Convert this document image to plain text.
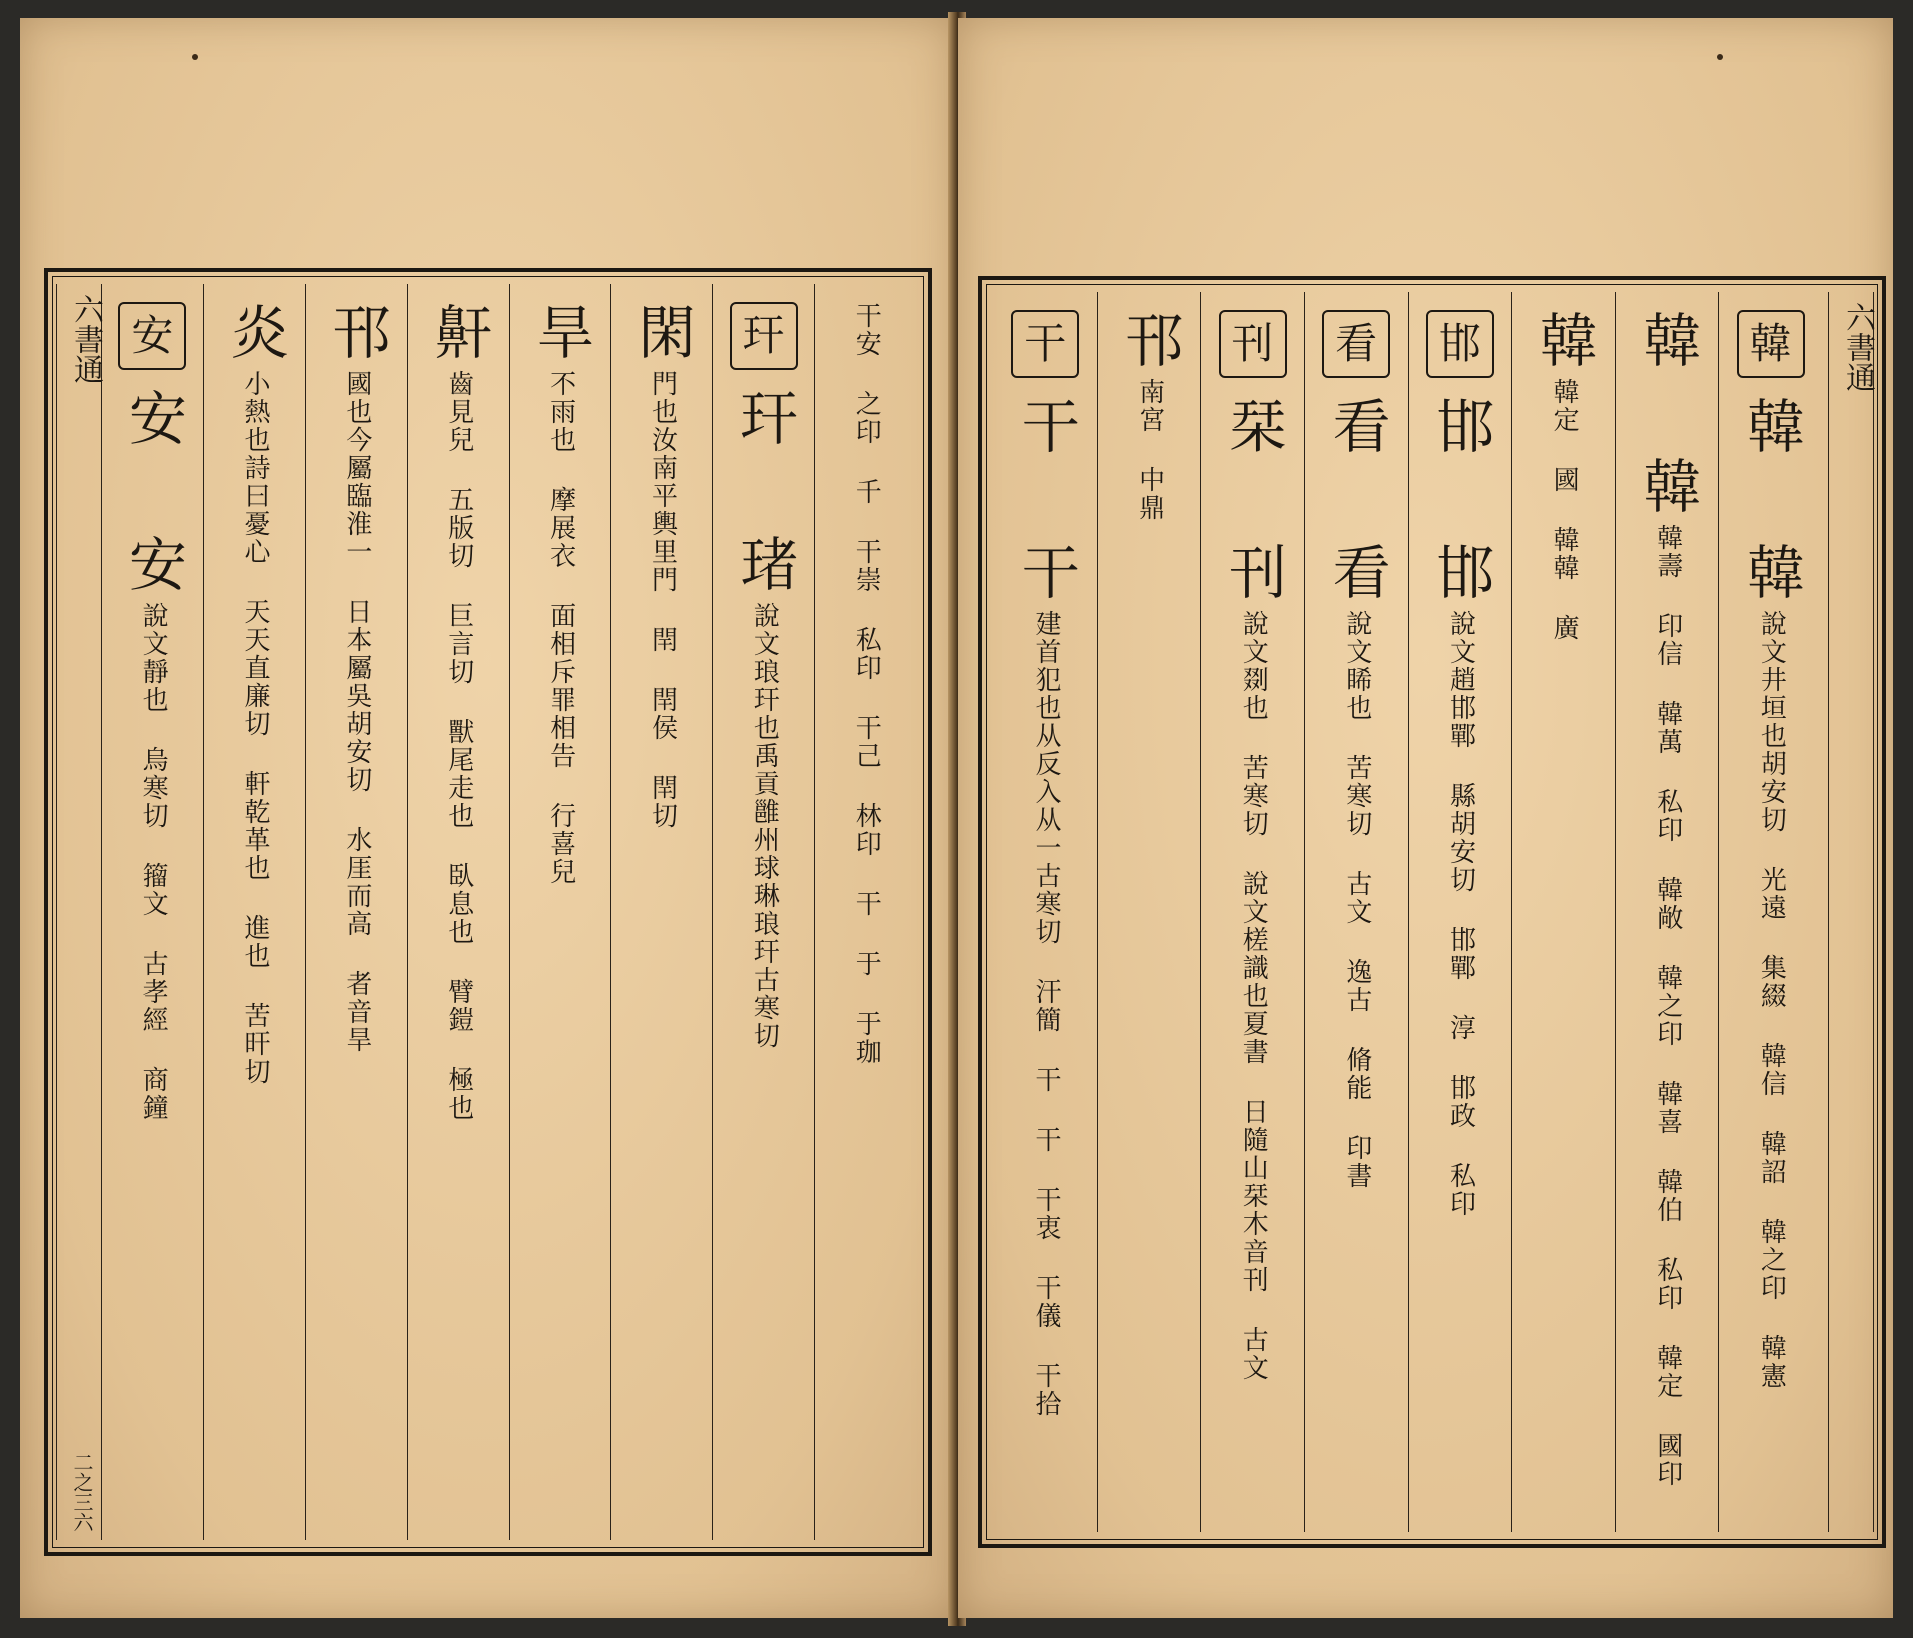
干安 之印 千 干崇 私印 干己 林印 干 于 于珈
玕
玕 琽
說文琅玕也禹貢雝州球琳琅玕古寒切
閑
門也汝南平輿里門 閈 閈侯 閈切
旱
不雨也 摩展衣 面相斥罪相告 行喜兒
鼾
齒見兒 五版切 巨言切 獸尾走也 臥息也 臂鎧 極也
邗
國也今屬臨淮一 日本屬吳胡安切 水厓而高 者音旱
炎
小熱也詩曰憂心 天天直廉切 軒乾革也 進也 苦旰切
安
安 安
說文靜也 烏寒切 籀文 古孝經 商鐘
六書通
二之三六
韓
韓 韓
說文井垣也胡安切 光遠 集綴 韓信 韓詔 韓之印 韓憲
韓 韓
韓壽 印信 韓萬 私印 韓敞 韓之印 韓喜 韓伯 私印 韓定 國印
韓
韓定 國 韓韓 廣
邯
邯 邯
說文趙邯鄲 縣胡安切 邯鄲 淳 邯政 私印
看
看 看
說文睎也 苦寒切 古文 逸古 脩能 印書
刊
栞 刊
說文剟也 苦寒切 說文槎識也夏書 日隨山栞木音刊 古文
邗
南宮 中鼎
干
干 干
建首犯也从反入从一古寒切 汗簡 干 干 干衷 干儀 干拾
六書通
